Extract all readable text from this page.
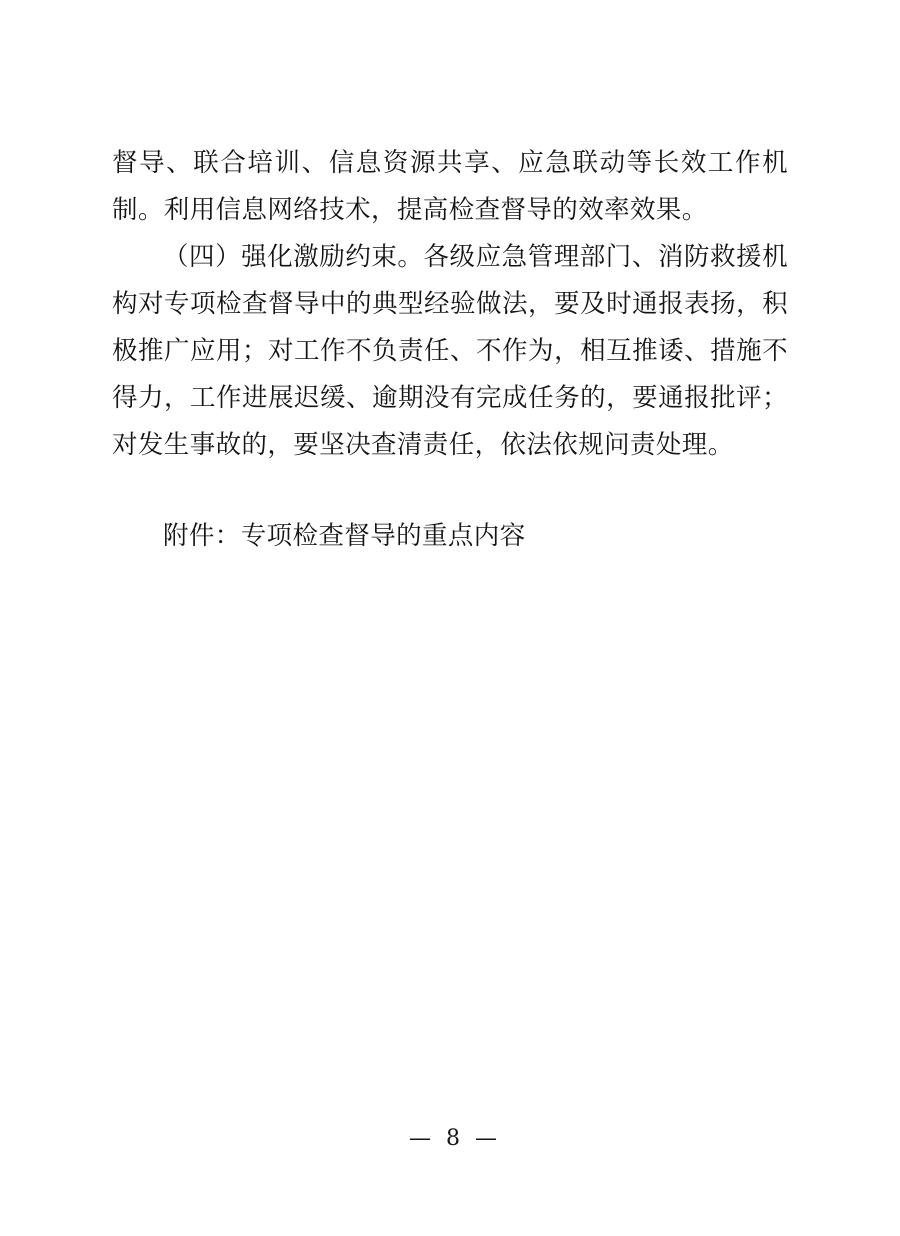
督导、联合培训、信息资源共享、应急联动等长效工作机制。利用信息网络技术，提高检查督导的效率效果。

（四）强化激励约束。各级应急管理部门、消防救援机构对专项检查督导中的典型经验做法，要及时通报表扬，积极推广应用；对工作不负责任、不作为，相互推诿、措施不得力，工作进展迟缓、逾期没有完成任务的，要通报批评；对发生事故的，要坚决查清责任，依法依规问责处理。

附件：专项检查督导的重点内容

— 8 —
